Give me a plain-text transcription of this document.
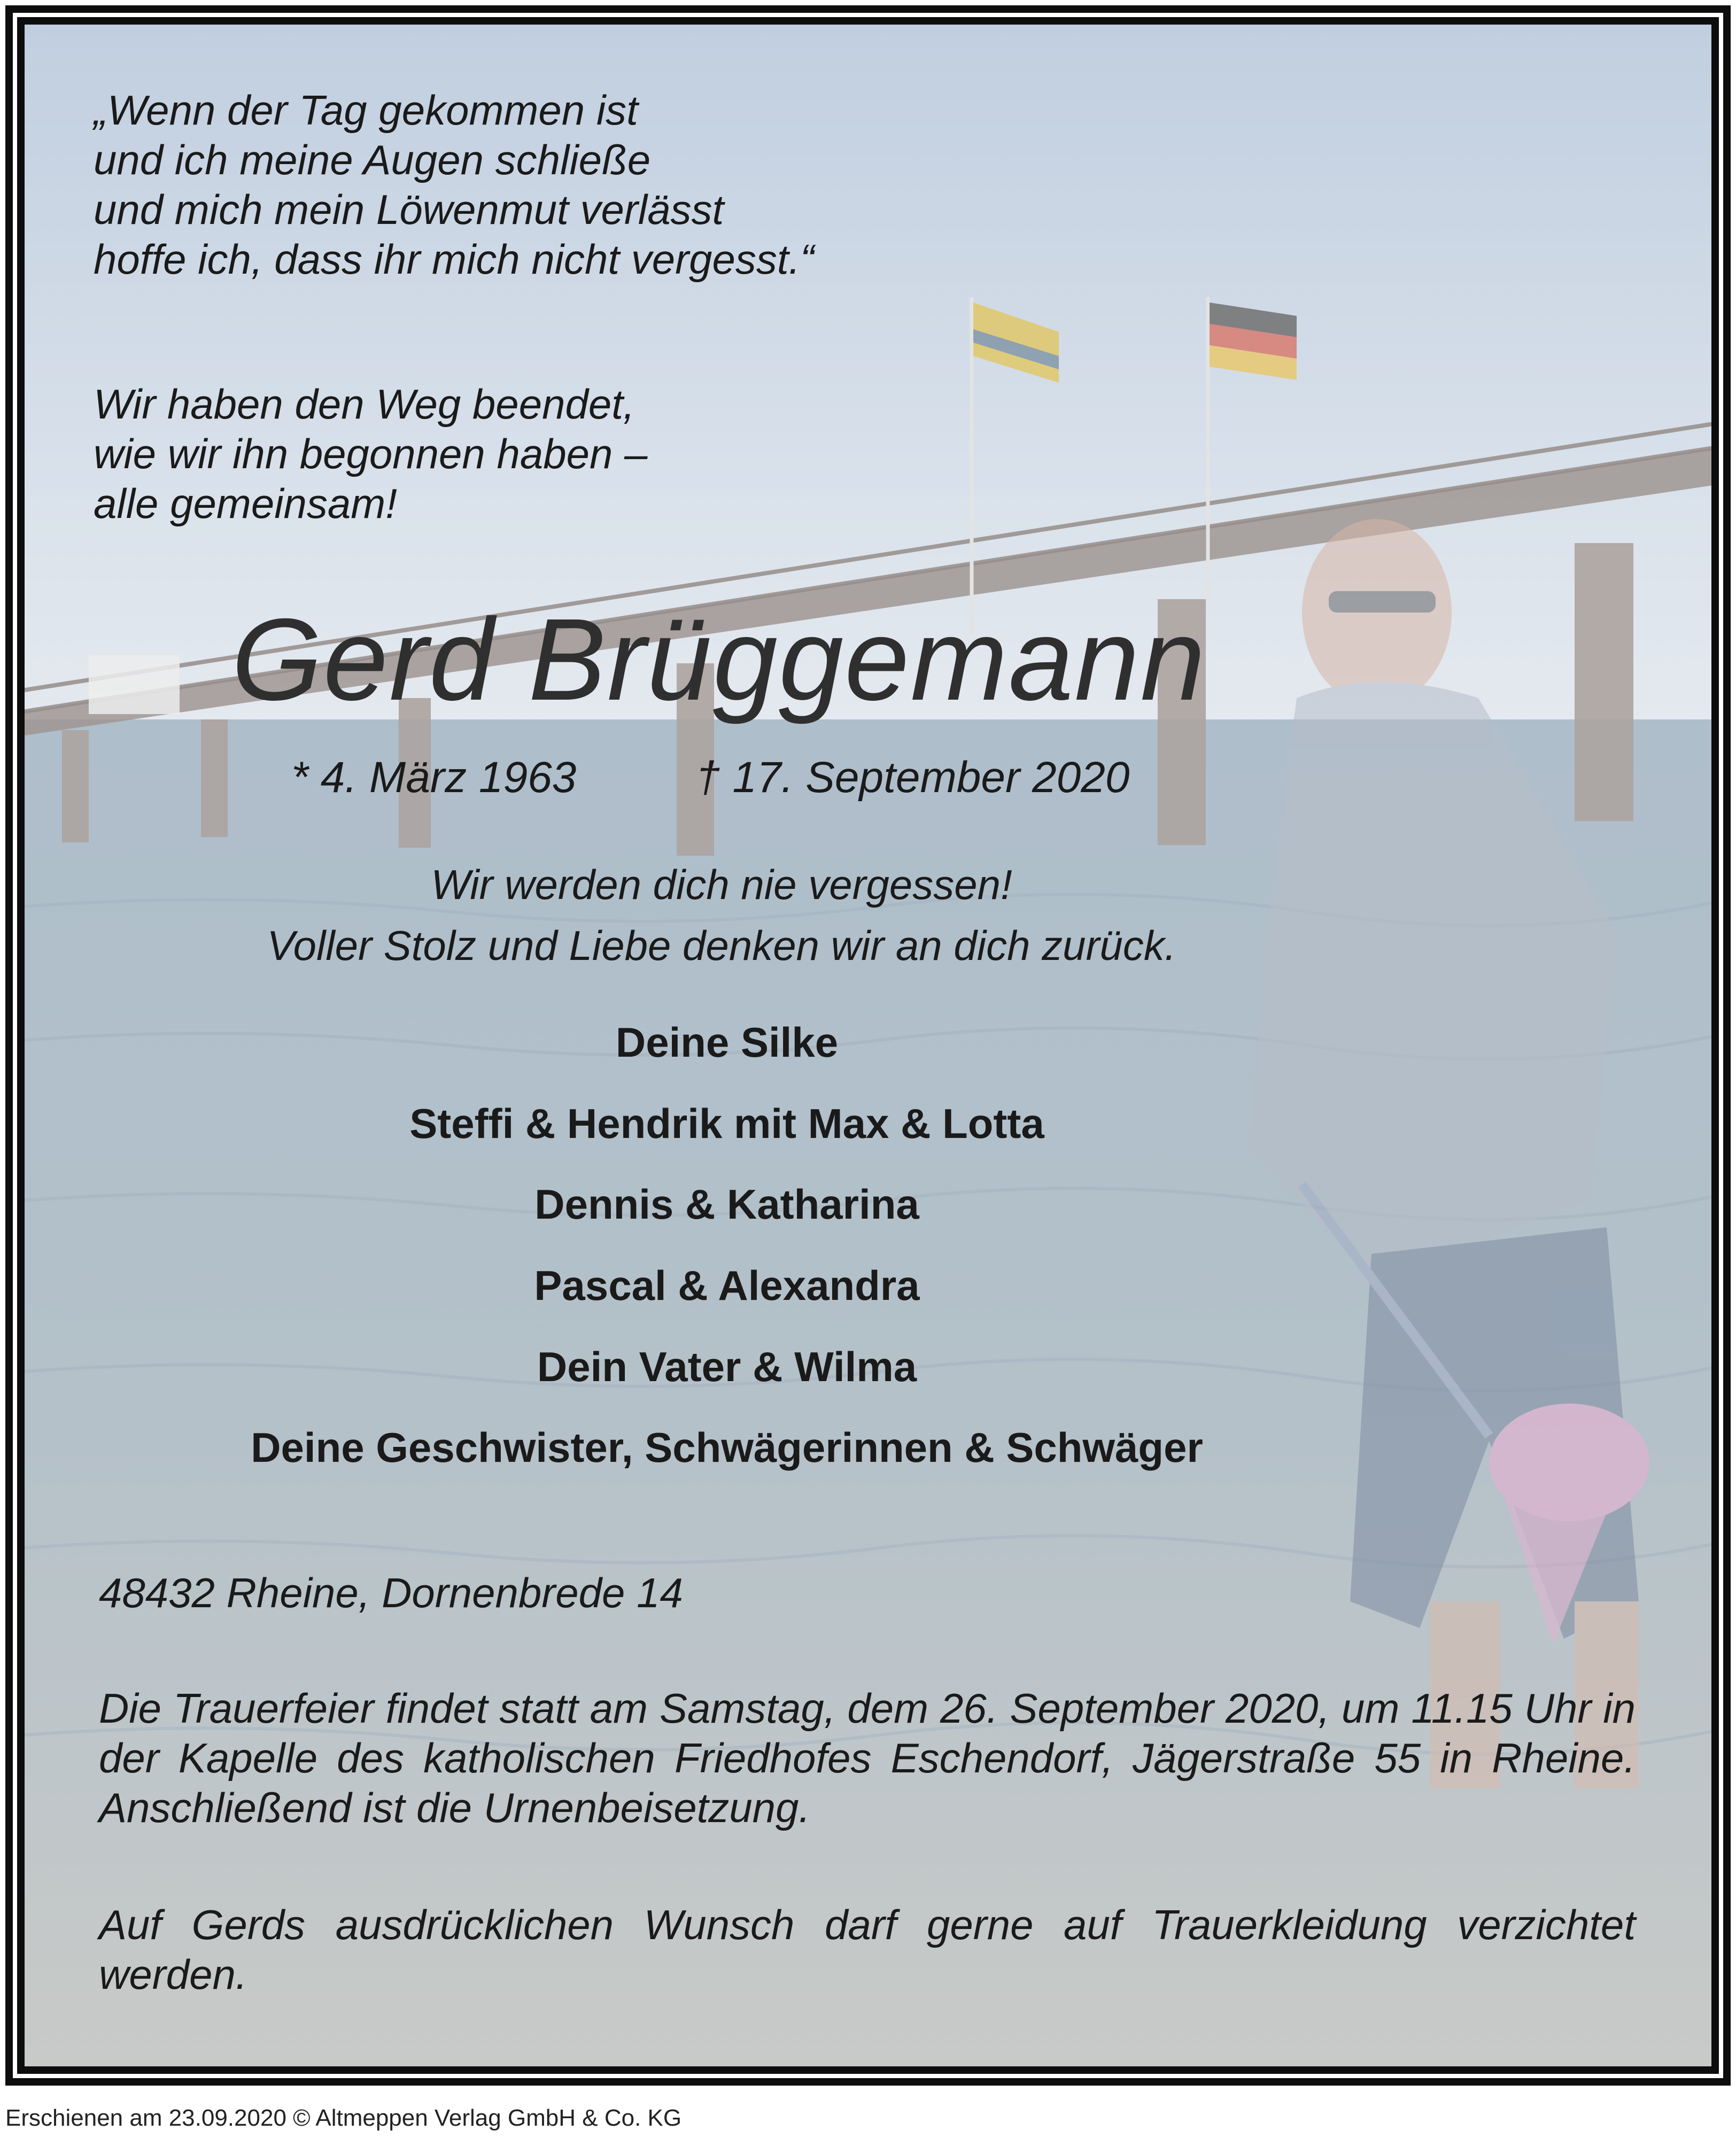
„Wenn der Tag gekommen ist
und ich meine Augen schließe
und mich mein Löwenmut verlässt
hoffe ich, dass ihr mich nicht vergesst.“
Wir haben den Weg beendet,
wie wir ihn begonnen haben –
alle gemeinsam!
Gerd Brüggemann
* 4. März 1963	† 17. September 2020
Wir werden dich nie vergessen!
Voller Stolz und Liebe denken wir an dich zurück.
Deine Silke
Steffi & Hendrik mit Max & Lotta
Dennis & Katharina
Pascal & Alexandra
Dein Vater & Wilma
Deine Geschwister, Schwägerinnen & Schwäger
48432 Rheine, Dornenbrede 14
Die Trauerfeier findet statt am Samstag, dem 26. September 2020, um 11.15 Uhr in der Kapelle des katholischen Friedhofes Eschendorf, Jägerstraße 55 in Rheine. Anschließend ist die Urnenbeisetzung.
Auf Gerds ausdrücklichen Wunsch darf gerne auf Trauerkleidung verzichtet werden.
Erschienen am 23.09.2020 © Altmeppen Verlag GmbH & Co. KG
